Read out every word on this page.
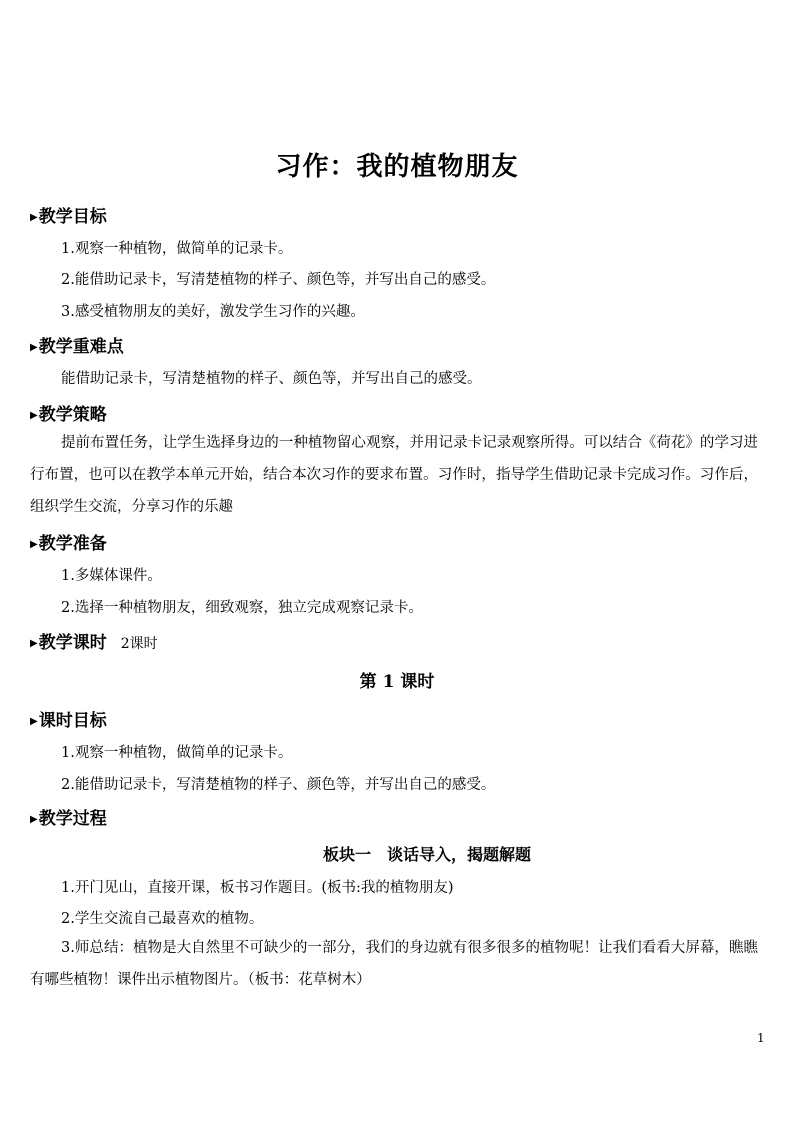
习作：我的植物朋友
▶教学目标
1.观察一种植物，做简单的记录卡。
2.能借助记录卡，写清楚植物的样子、颜色等，并写出自己的感受。
3.感受植物朋友的美好，激发学生习作的兴趣。
▶教学重难点
能借助记录卡，写清楚植物的样子、颜色等，并写出自己的感受。
▶教学策略
提前布置任务，让学生选择身边的一种植物留心观察，并用记录卡记录观察所得。可以结合《荷花》的学习进行布置，也可以在教学本单元开始，结合本次习作的要求布置。习作时，指导学生借助记录卡完成习作。习作后，组织学生交流，分享习作的乐趣
▶教学准备
1.多媒体课件。
2.选择一种植物朋友，细致观察，独立完成观察记录卡。
▶教学课时 2课时
第 1 课时
▶课时目标
1.观察一种植物，做简单的记录卡。
2.能借助记录卡，写清楚植物的样子、颜色等，并写出自己的感受。
▶教学过程
板块一　谈话导入，揭题解题
1.开门见山，直接开课，板书习作题目。(板书:我的植物朋友)
2.学生交流自己最喜欢的植物。
3.师总结：植物是大自然里不可缺少的一部分，我们的身边就有很多很多的植物呢！让我们看看大屏幕，瞧瞧有哪些植物！课件出示植物图片。（板书：花草树木）
1
